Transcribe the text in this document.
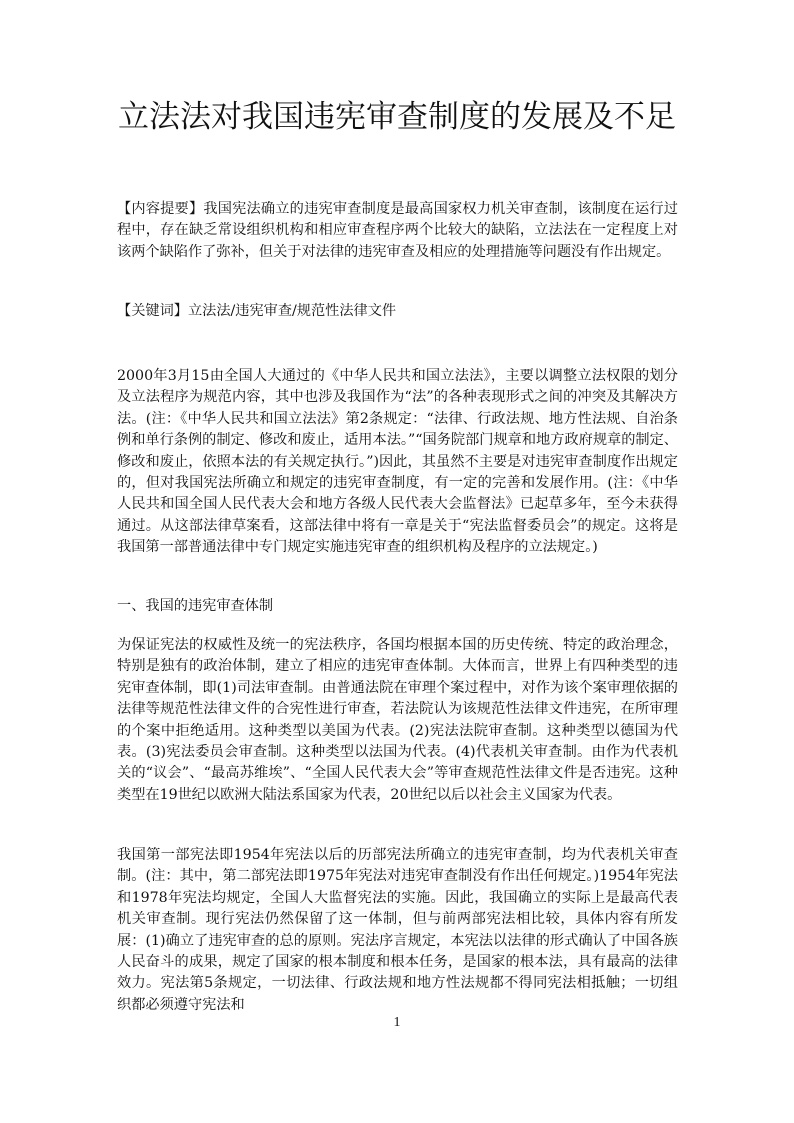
立法法对我国违宪审查制度的发展及不足

【内容提要】我国宪法确立的违宪审查制度是最高国家权力机关审查制，该制度在运行过程中，存在缺乏常设组织机构和相应审查程序两个比较大的缺陷，立法法在一定程度上对该两个缺陷作了弥补，但关于对法律的违宪审查及相应的处理措施等问题没有作出规定。

【关键词】立法法/违宪审查/规范性法律文件

2000年3月15由全国人大通过的《中华人民共和国立法法》，主要以调整立法权限的划分及立法程序为规范内容，其中也涉及我国作为“法”的各种表现形式之间的冲突及其解决方法。(注：《中华人民共和国立法法》第2条规定：“法律、行政法规、地方性法规、自治条例和单行条例的制定、修改和废止，适用本法。”“国务院部门规章和地方政府规章的制定、修改和废止，依照本法的有关规定执行。”)因此，其虽然不主要是对违宪审查制度作出规定的，但对我国宪法所确立和规定的违宪审查制度，有一定的完善和发展作用。(注：《中华人民共和国全国人民代表大会和地方各级人民代表大会监督法》已起草多年，至今未获得通过。从这部法律草案看，这部法律中将有一章是关于“宪法监督委员会”的规定。这将是我国第一部普通法律中专门规定实施违宪审查的组织机构及程序的立法规定。)

一、我国的违宪审查体制

为保证宪法的权威性及统一的宪法秩序，各国均根据本国的历史传统、特定的政治理念，特别是独有的政治体制，建立了相应的违宪审查体制。大体而言，世界上有四种类型的违宪审查体制，即(1)司法审查制。由普通法院在审理个案过程中，对作为该个案审理依据的法律等规范性法律文件的合宪性进行审查，若法院认为该规范性法律文件违宪，在所审理的个案中拒绝适用。这种类型以美国为代表。(2)宪法法院审查制。这种类型以德国为代表。(3)宪法委员会审查制。这种类型以法国为代表。(4)代表机关审查制。由作为代表机关的“议会”、“最高苏维埃”、“全国人民代表大会”等审查规范性法律文件是否违宪。这种类型在19世纪以欧洲大陆法系国家为代表，20世纪以后以社会主义国家为代表。

我国第一部宪法即1954年宪法以后的历部宪法所确立的违宪审查制，均为代表机关审查制。(注：其中，第二部宪法即1975年宪法对违宪审查制没有作出任何规定。)1954年宪法和1978年宪法均规定，全国人大监督宪法的实施。因此，我国确立的实际上是最高代表机关审查制。现行宪法仍然保留了这一体制，但与前两部宪法相比较，具体内容有所发展：(1)确立了违宪审查的总的原则。宪法序言规定，本宪法以法律的形式确认了中国各族人民奋斗的成果，规定了国家的根本制度和根本任务，是国家的根本法，具有最高的法律效力。宪法第5条规定，一切法律、行政法规和地方性法规都不得同宪法相抵触；一切组织都必须遵守宪法和

1
